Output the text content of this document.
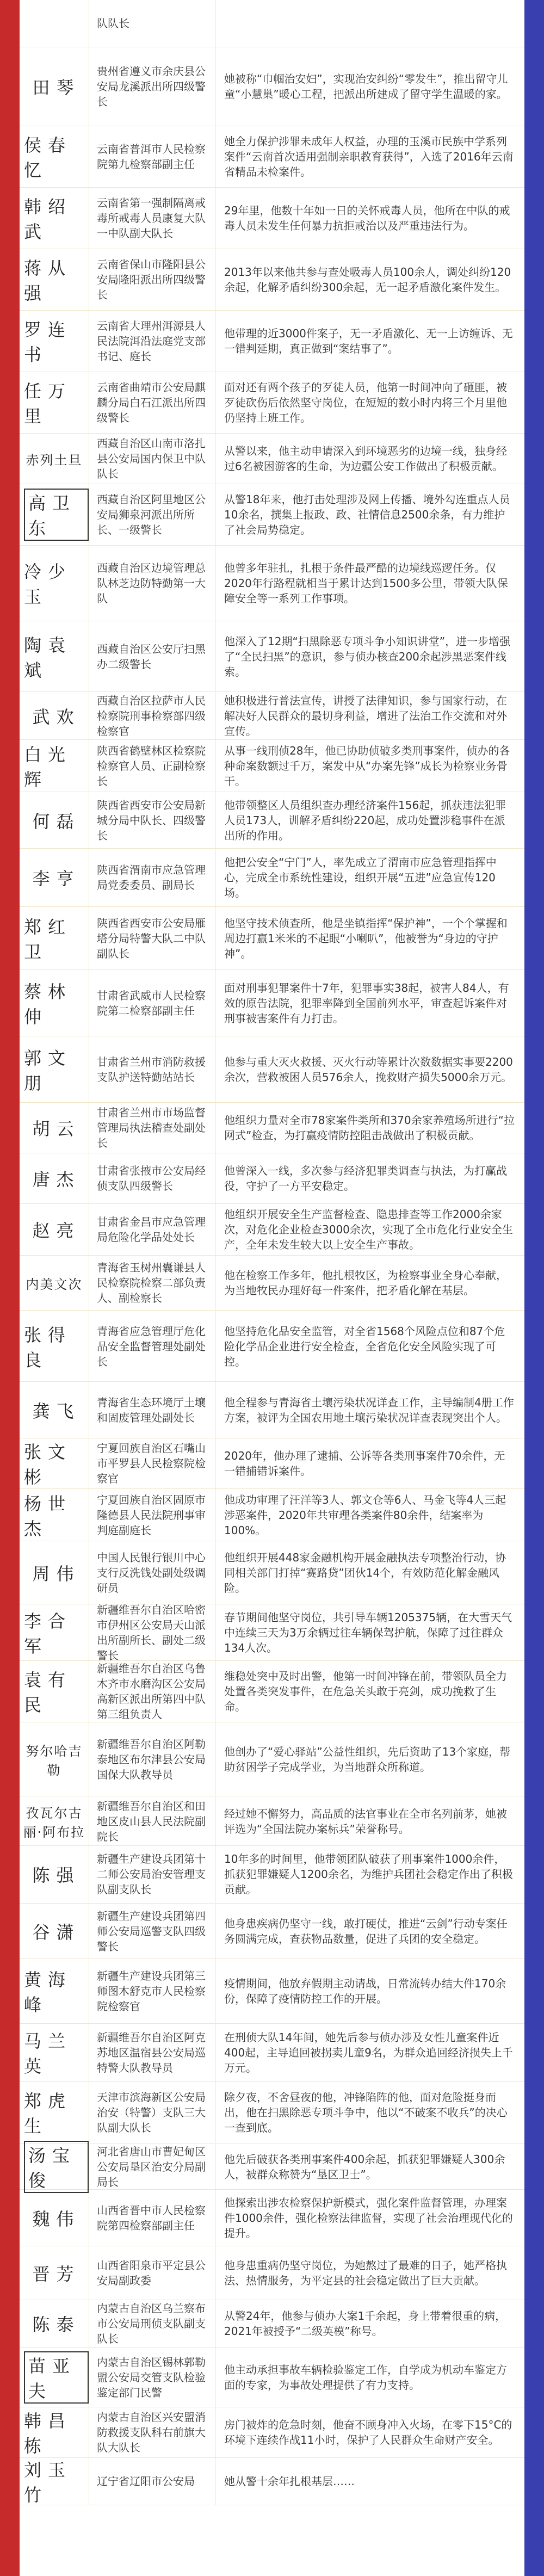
队队长
田琴
贵州省遵义市余庆县公安局龙溪派出所四级警长
她被称“巾帼治安妇”，实现治安纠纷“零发生”，推出留守儿童“小慧巢”暖心工程，把派出所建成了留守学生温暖的家。
侯春忆
云南省普洱市人民检察院第九检察部副主任
她全力保护涉罪未成年人权益，办理的玉溪市民族中学系列案件“云南首次适用强制亲职教育获得”，入选了2016年云南省精品未检案件。
韩绍武
云南省第一强制隔离戒毒所戒毒人员康复大队一中队副大队长
29年里，他数十年如一日的关怀戒毒人员，他所在中队的戒毒人员未发生任何暴力抗拒戒治以及严重违法行为。
蒋从强
云南省保山市隆阳县公安局隆阳派出所四级警长
2013年以来他共参与查处吸毒人员100余人，调处纠纷120余起，化解矛盾纠纷300余起，无一起矛盾激化案件发生。
罗连书
云南省大理州洱源县人民法院洱沿法庭党支部书记、庭长
他带理的近3000件案子，无一矛盾激化、无一上访缠诉、无一错判延期，真正做到“案结事了”。
任万里
云南省曲靖市公安局麒麟分局白石江派出所四级警长
面对还有两个孩子的歹徒人员，他第一时间冲向了砸匪，被歹徒砍伤后依然坚守岗位，在短短的数小时内将三个月里他仍坚持上班工作。
赤列土旦
西藏自治区山南市洛扎县公安局国内保卫中队队长
从警以来，他主动申请深入到环境恶劣的边境一线，独身经过6名被困游客的生命，为边疆公安工作做出了积极贡献。
高卫东
西藏自治区阿里地区公安局狮泉河派出所所长、一级警长
从警18年来，他打击处理涉及网上传播、境外勾连重点人员10余名，撰集上报政、政、社情信息2500余条，有力维护了社会局势稳定。
冷少玉
西藏自治区边境管理总队林芝边防特勤第一大队
他曾多年驻扎，扎根于条件最严酷的边境线巡逻任务。仅2020年行路程就相当于累计达到1500多公里，带领大队保障安全等一系列工作事项。
陶袁斌
西藏自治区公安厅扫黑办二级警长
他深入了12期“扫黑除恶专项斗争小知识讲堂”，进一步增强了“全民扫黑”的意识，参与侦办核查200余起涉黑恶案件线索。
武欢
西藏自治区拉萨市人民检察院刑事检察部四级检察官
她积极进行普法宣传，讲授了法律知识，参与国家行动，在解决好人民群众的最切身利益，增进了法治工作交流和对外宣传。
白光辉
陕西省鹤壁林区检察院检察官人员、正副检察长
从事一线刑侦28年，他已协助侦破多类刑事案件，侦办的各种命案数额过千万，案发中从“办案先锋”成长为检察业务骨干。
何磊
陕西省西安市公安局新城分局中队长、四级警长
他带领整区人员组织查办理经济案件156起，抓获违法犯罪人员173人，训解矛盾纠纷220起，成功处置涉稳事件在派出所的作用。
李亨 陕西省渭南市应急管理局党委委员、副局长
他把公安全“宁门”人，率先成立了渭南市应急管理指挥中心，完成全市系统性建设，组织开展“五进”应急宣传120场。
郑红卫
陕西省西安市公安局雁塔分局特警大队二中队副队长
他坚守技术侦查所，他是坐镇指挥“保护神”，一个个掌握和周边打赢1米米的不起眼“小喇叭”，他被誉为“身边的守护神”。
蔡林伸
甘肃省武威市人民检察院第二检察部副主任
面对刑事犯罪案件十7年，犯罪事实38起，被害人84人，有效的原告法院，犯罪率降到全国前列水平，审查起诉案件对刑事被害案件有力打击。
郭文朋
甘肃省兰州市消防救援支队护送特勤站站长
他参与重大灭火救援、灭火行动等累计次数数据实事要2200余次，营救被困人员576余人，挽救财产损失5000余万元。
胡云
甘肃省兰州市市场监督管理局执法稽查处副处长
他组织力量对全市78家案件类所和370余家养殖场所进行“拉网式”检查，为打赢疫情防控阻击战做出了积极贡献。
唐杰 甘肃省张掖市公安局经侦支队四级警长
他曾深入一线，多次参与经济犯罪类调查与执法，为打赢战役，守护了一方平安稳定。
赵亮 甘肃省金昌市应急管理局危险化学品处处长
他组织开展安全生产监督检查、隐患排查等工作2000余家次，对危化企业检查3000余次，实现了全市危化行业安全生产，全年未发生较大以上安全生产事故。
内美文次
青海省玉树州囊谦县人民检察院检察二部负责人、副检察长
他在检察工作多年，他扎根牧区，为检察事业全身心奉献，为当地牧民办理好每一件案件，把矛盾化解在基层。
张得良
青海省应急管理厅危化品安全监督管理处副处长
他坚持危化品安全监管，对全省1568个风险点位和87个危险化学品企业进行安全检查，全省危化安全风险实现了可控。
龚飞 青海省生态环境厅土壤和固废管理处副处长
他全程参与青海省土壤污染状况详查工作，主导编制4册工作方案，被评为全国农用地土壤污染状况详查表现突出个人。
张文彬
宁夏回族自治区石嘴山市平罗县人民检察院检察官
2020年，他办理了逮捕、公诉等各类刑事案件70余件，无一错捕错诉案件。
杨世杰
宁夏回族自治区固原市隆德县人民法院刑事审判庭副庭长
他成功审理了汪洋等3人、郭文仓等6人、马金飞等4人三起涉恶案件，2020年共审理各类案件80余件，结案率为100%。
周伟
中国人民银行银川中心支行反洗钱处副处级调研员
他组织开展448家金融机构开展金融执法专项整治行动，协同相关部门打掉“赛路贷”团伙14个，有效防范化解金融风险。
李合军
新疆维吾尔自治区哈密市伊州区公安局天山派出所副所长、副处二级警长
春节期间他坚守岗位，共引导车辆1205375辆，在大雪天气中连续三天为3万余辆过往车辆保驾护航，保障了过往群众134人次。
袁有民
新疆维吾尔自治区乌鲁木齐市水磨沟区公安局高新区派出所第四中队第三组负责人
维稳处突中及时出警，他第一时间冲锋在前，带领队员全力处置各类突发事件，在危急关头敢于亮剑，成功挽救了生命。
努尔哈吉勒
新疆维吾尔自治区阿勒泰地区布尔津县公安局国保大队教导员
他创办了“爱心驿站”公益性组织，先后资助了13个家庭，帮助贫困学子完成学业，为当地群众所称道。
孜瓦尔古丽·阿布拉
新疆维吾尔自治区和田地区皮山县人民法院副院长
经过她不懈努力，高品质的法官事业在全市名列前茅，她被评选为“全国法院办案标兵”荣誉称号。
陈强
新疆生产建设兵团第十二师公安局治安管理支队副支队长
10年多的时间里，他带领团队破获了刑事案件1000余件，抓获犯罪嫌疑人1200余名，为维护兵团社会稳定作出了积极贡献。
谷潇
新疆生产建设兵团第四师公安局巡警支队四级警长
他身患疾病仍坚守一线，敢打硬仗，推进“云剑”行动专案任务圆满完成，查获物品数量，促进了兵团的安全稳定。
黄海峰
新疆生产建设兵团第三师图木舒克市人民检察院检察官
疫情期间，他放弃假期主动请战，日常流转办结大件170余份，保障了疫情防控工作的开展。
马兰英
新疆维吾尔自治区阿克苏地区温宿县公安局巡特警大队教导员
在刑侦大队14年间，她先后参与侦办涉及女性儿童案件近400起，主导追回被拐卖儿童9名，为群众追回经济损失上千万元。
郑虎生
天津市滨海新区公安局治安（特警）支队三大队副大队长
除夕夜，不舍昼夜的他，冲锋陷阵的他，面对危险挺身而出，他在扫黑除恶专项斗争中，他以“不破案不收兵”的决心一查到底。
汤宝俊
河北省唐山市曹妃甸区公安局垦区治安分局副局长
他先后破获各类刑事案件400余起，抓获犯罪嫌疑人300余人，被群众称赞为“垦区卫士”。
魏伟 山西省晋中市人民检察院第四检察部副主任
他探索出涉农检察保护新模式，强化案件监督管理，办理案件1000余件，强化检察法律监督，实现了社会治理现代化的提升。
晋芳 山西省阳泉市平定县公安局副政委
他身患重病仍坚守岗位，为她熬过了最难的日子，她严格执法、热情服务，为平定县的社会稳定做出了巨大贡献。
陈泰
内蒙古自治区乌兰察布市公安局刑侦支队副支队长
从警24年，他参与侦办大案1千余起，身上带着很重的病，2021年被授予“二级英模”称号。
苗亚夫
内蒙古自治区锡林郭勒盟公安局交管支队检验鉴定部门民警
他主动承担事故车辆检验鉴定工作，自学成为机动车鉴定方面的专家，为事故处理提供了有力支持。
韩昌栋
内蒙古自治区兴安盟消防救援支队科右前旗大队大队长
房门被炸的危急时刻，他奋不顾身冲入火场，在零下15°C的环境下连续作战11小时，保护了人民群众生命财产安全。
刘玉竹
辽宁省辽阳市公安局	她从警十余年扎根基层……
